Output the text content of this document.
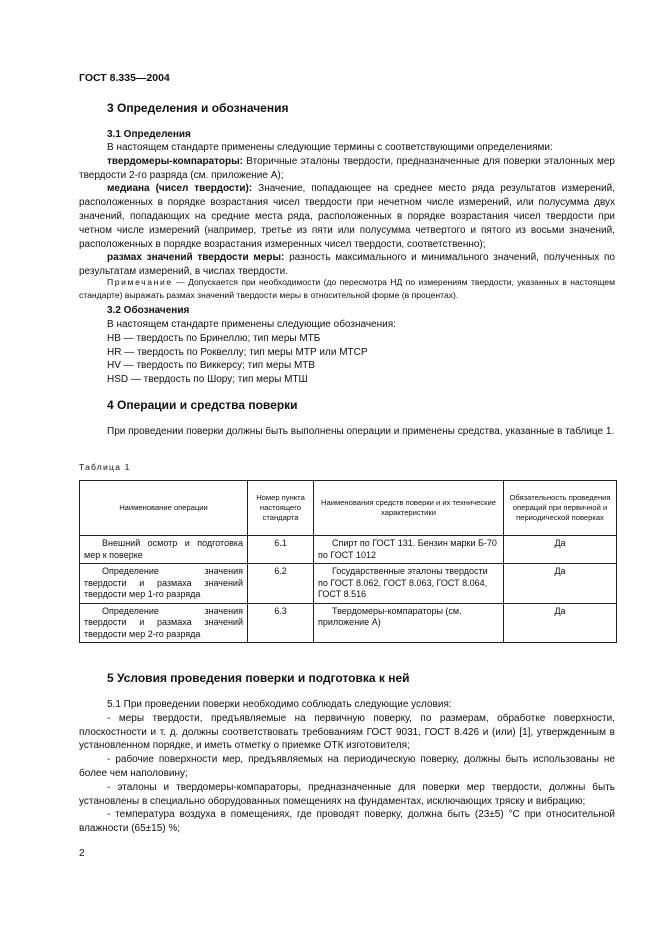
ГОСТ 8.335—2004
3 Определения и обозначения
3.1 Определения

В настоящем стандарте применены следующие термины с соответствующими определениями:

твердомеры-компараторы: Вторичные эталоны твердости, предназначенные для поверки эталонных мер твердости 2-го разряда (см. приложение А);

медиана (чисел твердости): Значение, попадающее на среднее место ряда результатов измерений, расположенных в порядке возрастания чисел твердости при нечетном числе измерений, или полусумма двух значений, попадающих на средние места ряда, расположенных в порядке возрастания чисел твердости при четном числе измерений (например, третье из пяти или полусумма четвертого и пятого из восьми значений, расположенных в порядке возрастания измеренных чисел твердости, соответственно);

размах значений твердости меры: разность максимального и минимального значений, полученных по результатам измерений, в числах твердости.

Примечание — Допускается при необходимости (до пересмотра НД по измерениям твердости, указанных в настоящем стандарте) выражать размах значений твердости меры в относительной форме (в процентах).

3.2 Обозначения
В настоящем стандарте применены следующие обозначения:
HB — твердость по Бринеллю; тип меры МТБ
HR — твердость по Роквеллу; тип меры МТР или МТСР
HV — твердость по Виккерсу; тип меры МТВ
HSD — твердость по Шору; тип меры МТШ
4 Операции и средства поверки

При проведении поверки должны быть выполнены операции и применены средства, указанные в таблице 1.

Таблица 1
Наименование операции	Номер пункта настоящего стандарта	Наименования средств поверки и их технические характеристики	Обязательность проведения операций при первичной и периодической поверках
Внешний осмотр и подготовка мер к поверке	6.1	Спирт по ГОСТ 131. Бензин марки Б-70 по ГОСТ 1012	Да
Определение значения твердости и размаха значений твердости мер 1-го разряда	6.2	Государственные эталоны твердости по ГОСТ 8.062, ГОСТ 8.063, ГОСТ 8.064, ГОСТ 8.516	Да
Определение значения твердости и размаха значений твердости мер 2-го разряда	6.3	Твердомеры-компараторы (см. приложение А)	Да
5 Условия проведения поверки и подготовка к ней

5.1 При проведении поверки необходимо соблюдать следующие условия:

- меры твердости, предъявляемые на первичную поверку, по размерам, обработке поверхности, плоскостности и т. д. должны соответствовать требованиям ГОСТ 9031, ГОСТ 8.426 и (или) [1], утвержденным в установленном порядке, и иметь отметку о приемке ОТК изготовителя;

- рабочие поверхности мер, предъявляемых на периодическую поверку, должны быть использованы не более чем наполовину;

- эталоны и твердомеры-компараторы, предназначенные для поверки мер твердости, должны быть установлены в специально оборудованных помещениях на фундаментах, исключающих тряску и вибрацию;

- температура воздуха в помещениях, где проводят поверку, должна быть (23±5) °С при относительной влажности (65±15) %;

2
